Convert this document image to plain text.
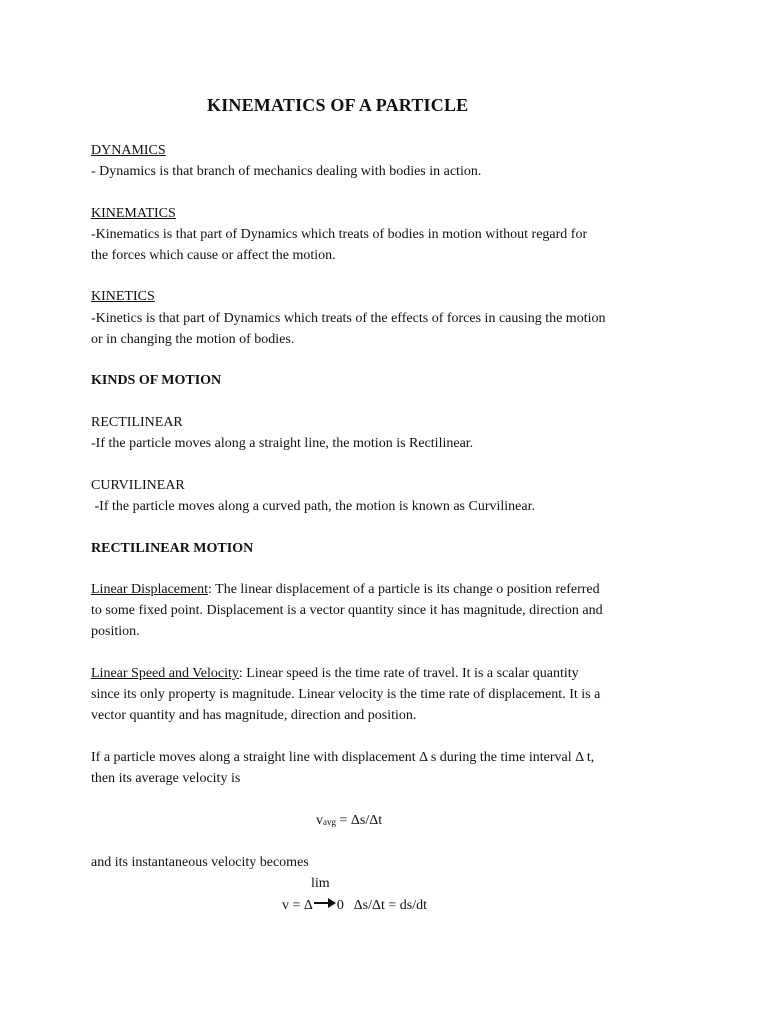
KINEMATICS OF A PARTICLE
DYNAMICS
- Dynamics is that branch of mechanics dealing with bodies in action.
KINEMATICS
-Kinematics is that part of Dynamics which treats of bodies in motion without regard for
the forces which cause or affect the motion.
KINETICS
-Kinetics is that part of Dynamics which treats of the effects of forces in causing the motion
or in changing the motion of bodies.
KINDS OF MOTION
RECTILINEAR
-If the particle moves along a straight line, the motion is Rectilinear.
CURVILINEAR
-If the particle moves along a curved path, the motion is known as Curvilinear.
RECTILINEAR MOTION
Linear Displacement: The linear displacement of a particle is its change o position referred
to some fixed point. Displacement is a vector quantity since it has magnitude, direction and
position.
Linear Speed and Velocity: Linear speed is the time rate of travel. It is a scalar quantity
since its only property is magnitude. Linear velocity is the time rate of displacement. It is a
vector quantity and has magnitude, direction and position.
If a particle moves along a straight line with displacement Δ s during the time interval Δ t,
then its average velocity is
vavg = Δs/Δt
and its instantaneous velocity becomes
lim
v = Δ 0   Δs/Δt = ds/dt
